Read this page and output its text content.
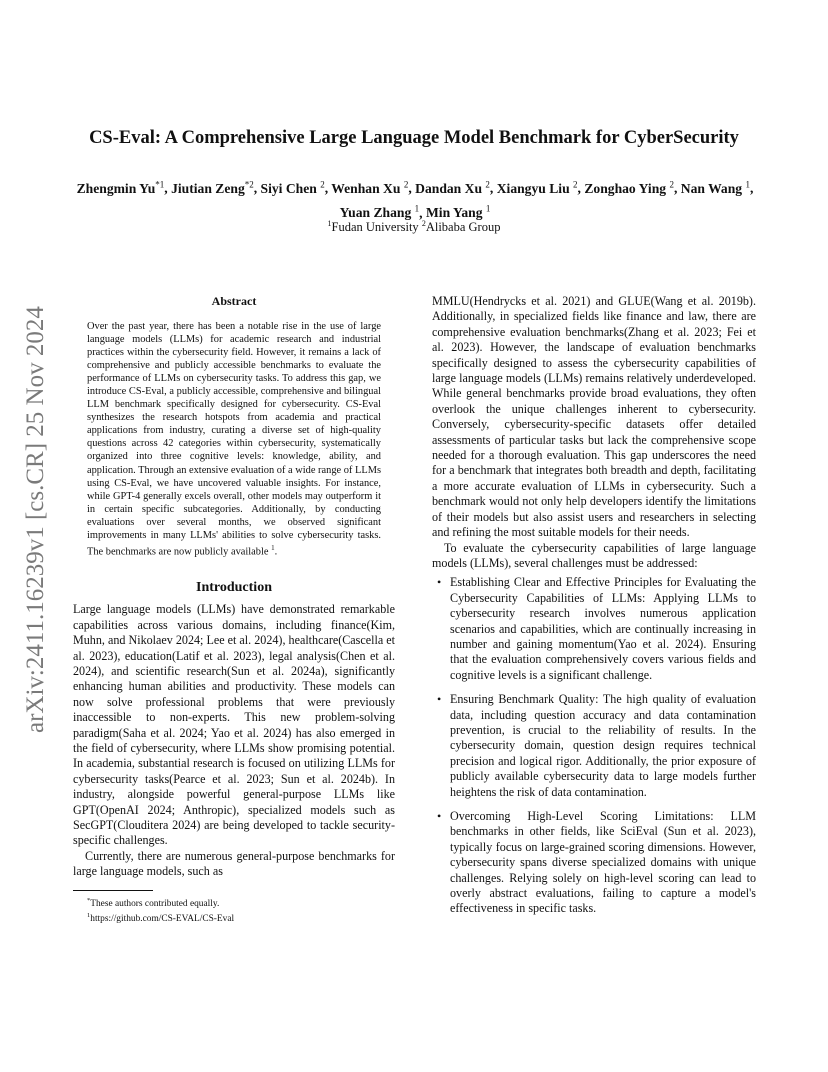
arXiv:2411.16239v1 [cs.CR] 25 Nov 2024
CS-Eval: A Comprehensive Large Language Model Benchmark for CyberSecurity
Zhengmin Yu$^{*1}$, Jiutian Zeng$^{*2}$, Siyi Chen $^2$, Wenhan Xu $^2$, Dandan Xu $^2$, Xiangyu Liu $^2$, Zonghao Ying $^2$, Nan Wang $^1$, Yuan Zhang $^1$, Min Yang $^1$
$^1$Fudan University $^2$Alibaba Group
Abstract
Over the past year, there has been a notable rise in the use of large language models (LLMs) for academic research and industrial practices within the cybersecurity field. However, it remains a lack of comprehensive and publicly accessible benchmarks to evaluate the performance of LLMs on cybersecurity tasks. To address this gap, we introduce CS-Eval, a publicly accessible, comprehensive and bilingual LLM benchmark specifically designed for cybersecurity. CS-Eval synthesizes the research hotspots from academia and practical applications from industry, curating a diverse set of high-quality questions across 42 categories within cybersecurity, systematically organized into three cognitive levels: knowledge, ability, and application. Through an extensive evaluation of a wide range of LLMs using CS-Eval, we have uncovered valuable insights. For instance, while GPT-4 generally excels overall, other models may outperform it in certain specific subcategories. Additionally, by conducting evaluations over several months, we observed significant improvements in many LLMs' abilities to solve cybersecurity tasks. The benchmarks are now publicly available $^1$.
Introduction

Large language models (LLMs) have demonstrated remarkable capabilities across various domains, including finance(Kim, Muhn, and Nikolaev 2024; Lee et al. 2024), healthcare(Cascella et al. 2023), education(Latif et al. 2023), legal analysis(Chen et al. 2024), and scientific research(Sun et al. 2024a), significantly enhancing human abilities and productivity. These models can now solve professional problems that were previously inaccessible to non-experts. This new problem-solving paradigm(Saha et al. 2024; Yao et al. 2024) has also emerged in the field of cybersecurity, where LLMs show promising potential. In academia, substantial research is focused on utilizing LLMs for cybersecurity tasks(Pearce et al. 2023; Sun et al. 2024b). In industry, alongside powerful general-purpose LLMs like GPT(OpenAI 2024; Anthropic), specialized models such as SecGPT(Clouditera 2024) are being developed to tackle security-specific challenges.

Currently, there are numerous general-purpose benchmarks for large language models, such as

*These authors contributed equally.
$^1$https://github.com/CS-EVAL/CS-Eval

MMLU(Hendrycks et al. 2021) and GLUE(Wang et al. 2019b). Additionally, in specialized fields like finance and law, there are comprehensive evaluation benchmarks(Zhang et al. 2023; Fei et al. 2023). However, the landscape of evaluation benchmarks specifically designed to assess the cybersecurity capabilities of large language models (LLMs) remains relatively underdeveloped. While general benchmarks provide broad evaluations, they often overlook the unique challenges inherent to cybersecurity. Conversely, cybersecurity-specific datasets offer detailed assessments of particular tasks but lack the comprehensive scope needed for a thorough evaluation. This gap underscores the need for a benchmark that integrates both breadth and depth, facilitating a more accurate evaluation of LLMs in cybersecurity. Such a benchmark would not only help developers identify the limitations of their models but also assist users and researchers in selecting and refining the most suitable models for their needs.

To evaluate the cybersecurity capabilities of large language models (LLMs), several challenges must be addressed:

• Establishing Clear and Effective Principles for Evaluating the Cybersecurity Capabilities of LLMs: Applying LLMs to cybersecurity research involves numerous application scenarios and capabilities, which are continually increasing in number and gaining momentum(Yao et al. 2024). Ensuring that the evaluation comprehensively covers various fields and cognitive levels is a significant challenge.
• Ensuring Benchmark Quality: The high quality of evaluation data, including question accuracy and data contamination prevention, is crucial to the reliability of results. In the cybersecurity domain, question design requires technical precision and logical rigor. Additionally, the prior exposure of publicly available cybersecurity data to large models further heightens the risk of data contamination.
• Overcoming High-Level Scoring Limitations: LLM benchmarks in other fields, like SciEval (Sun et al. 2023), typically focus on large-grained scoring dimensions. However, cybersecurity spans diverse specialized domains with unique challenges. Relying solely on high-level scoring can lead to overly abstract evaluations, failing to capture a model's effectiveness in specific tasks.
